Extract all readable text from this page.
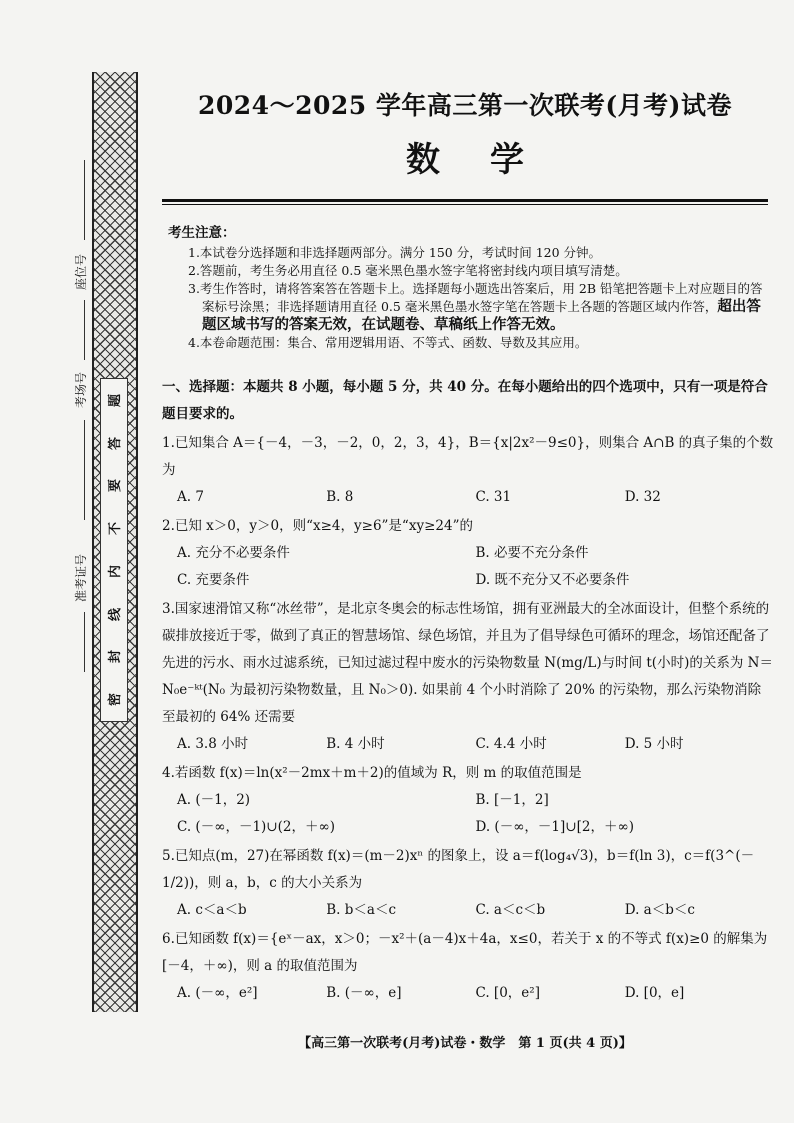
题
答
要
不
内
线
封
密
座位号
考场号
准考证号
2024～2025 学年高三第一次联考(月考)试卷
数学
考生注意：
1.本试卷分选择题和非选择题两部分。满分 150 分，考试时间 120 分钟。
2.答题前，考生务必用直径 0.5 毫米黑色墨水签字笔将密封线内项目填写清楚。
3.考生作答时，请将答案答在答题卡上。选择题每小题选出答案后，用 2B 铅笔把答题卡上对应题目的答案标号涂黑；非选择题请用直径 0.5 毫米黑色墨水签字笔在答题卡上各题的答题区域内作答，超出答题区域书写的答案无效，在试题卷、草稿纸上作答无效。
4.本卷命题范围：集合、常用逻辑用语、不等式、函数、导数及其应用。
一、选择题：本题共 8 小题，每小题 5 分，共 40 分。在每小题给出的四个选项中，只有一项是符合题目要求的。
1.已知集合 A＝{－4，－3，－2，0，2，3，4}，B＝{x|2x²－9≤0}，则集合 A∩B 的真子集的个数为
A. 7	B. 8	C. 31	D. 32
2.已知 x＞0，y＞0，则“x≥4，y≥6”是“xy≥24”的
A. 充分不必要条件	B. 必要不充分条件
C. 充要条件	D. 既不充分又不必要条件
3.国家速滑馆又称“冰丝带”，是北京冬奥会的标志性场馆，拥有亚洲最大的全冰面设计，但整个系统的碳排放接近于零，做到了真正的智慧场馆、绿色场馆，并且为了倡导绿色可循环的理念，场馆还配备了先进的污水、雨水过滤系统，已知过滤过程中废水的污染物数量 N(mg/L)与时间 t(小时)的关系为 N＝N₀e⁻ᵏᵗ(N₀ 为最初污染物数量，且 N₀＞0). 如果前 4 个小时消除了 20% 的污染物，那么污染物消除至最初的 64% 还需要
A. 3.8 小时	B. 4 小时	C. 4.4 小时	D. 5 小时
4.若函数 f(x)＝ln(x²－2mx＋m＋2)的值域为 R，则 m 的取值范围是
A. (－1，2)	B. [－1，2]
C. (－∞，－1)∪(2，＋∞)	D. (－∞，－1]∪[2，＋∞)
5.已知点(m，27)在幂函数 f(x)＝(m－2)xⁿ 的图象上，设 a＝f(log₄√3)，b＝f(ln 3)，c＝f(3^(－1/2))，则 a，b，c 的大小关系为
A. c＜a＜b	B. b＜a＜c	C. a＜c＜b	D. a＜b＜c
6.已知函数 f(x)＝{eˣ－ax，x＞0；－x²＋(a－4)x＋4a，x≤0，若关于 x 的不等式 f(x)≥0 的解集为[－4，＋∞)，则 a 的取值范围为
A. (－∞，e²]	B. (－∞，e]	C. [0，e²]	D. [0，e]
【高三第一次联考(月考)试卷・数学　第 1 页(共 4 页)】
